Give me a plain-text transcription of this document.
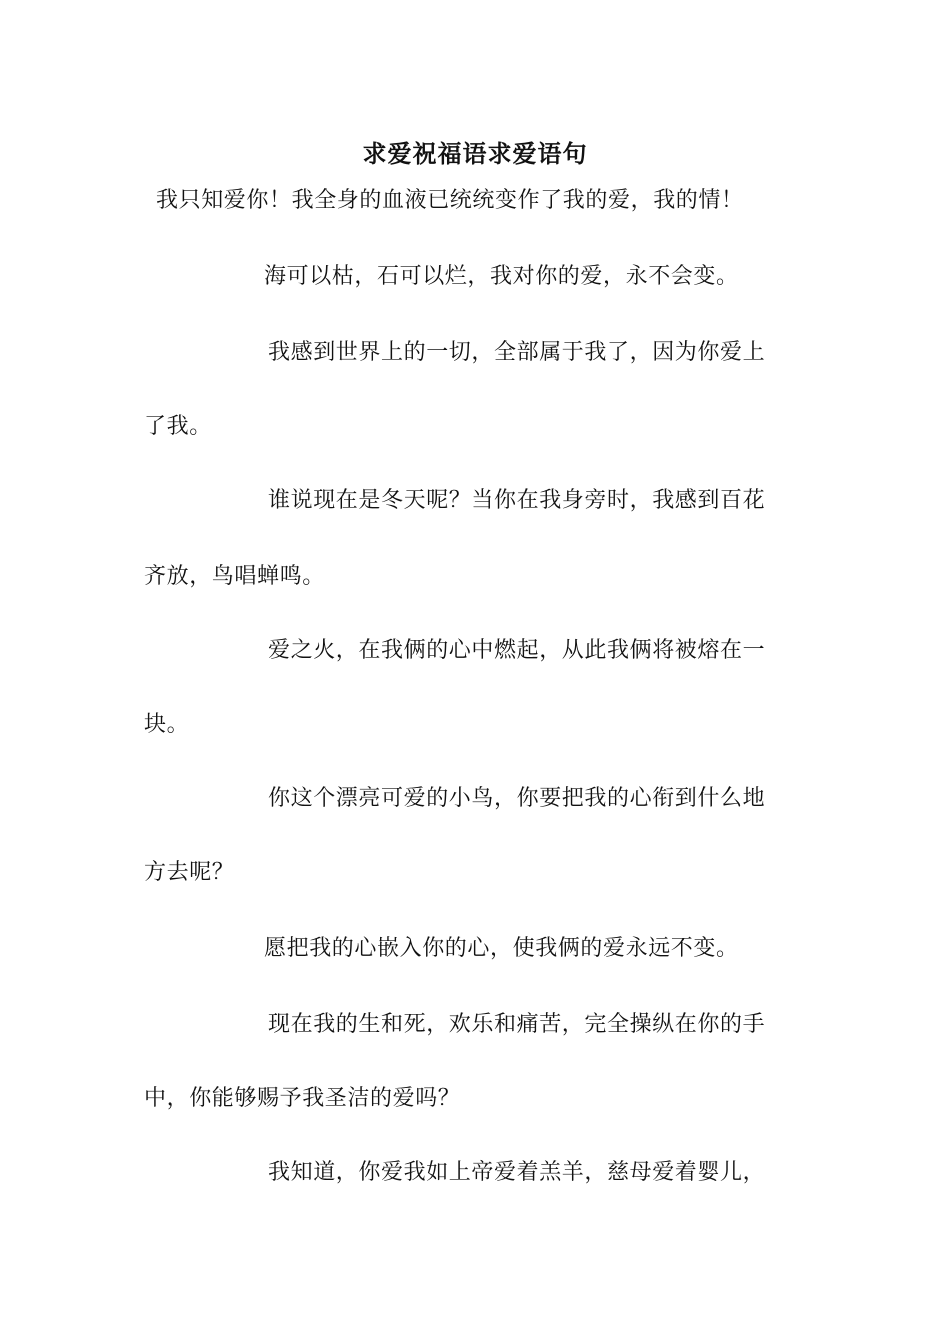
求爱祝福语求爱语句
我只知爱你！我全身的血液已统统变作了我的爱，我的情！
海可以枯，石可以烂，我对你的爱，永不会变。
我感到世界上的一切，全部属于我了，因为你爱上
了我。
谁说现在是冬天呢？当你在我身旁时，我感到百花
齐放，鸟唱蝉鸣。
爱之火，在我俩的心中燃起，从此我俩将被熔在一
块。
你这个漂亮可爱的小鸟，你要把我的心衔到什么地
方去呢？
愿把我的心嵌入你的心，使我俩的爱永远不变。
现在我的生和死，欢乐和痛苦，完全操纵在你的手
中，你能够赐予我圣洁的爱吗？
我知道，你爱我如上帝爱着羔羊，慈母爱着婴儿，
